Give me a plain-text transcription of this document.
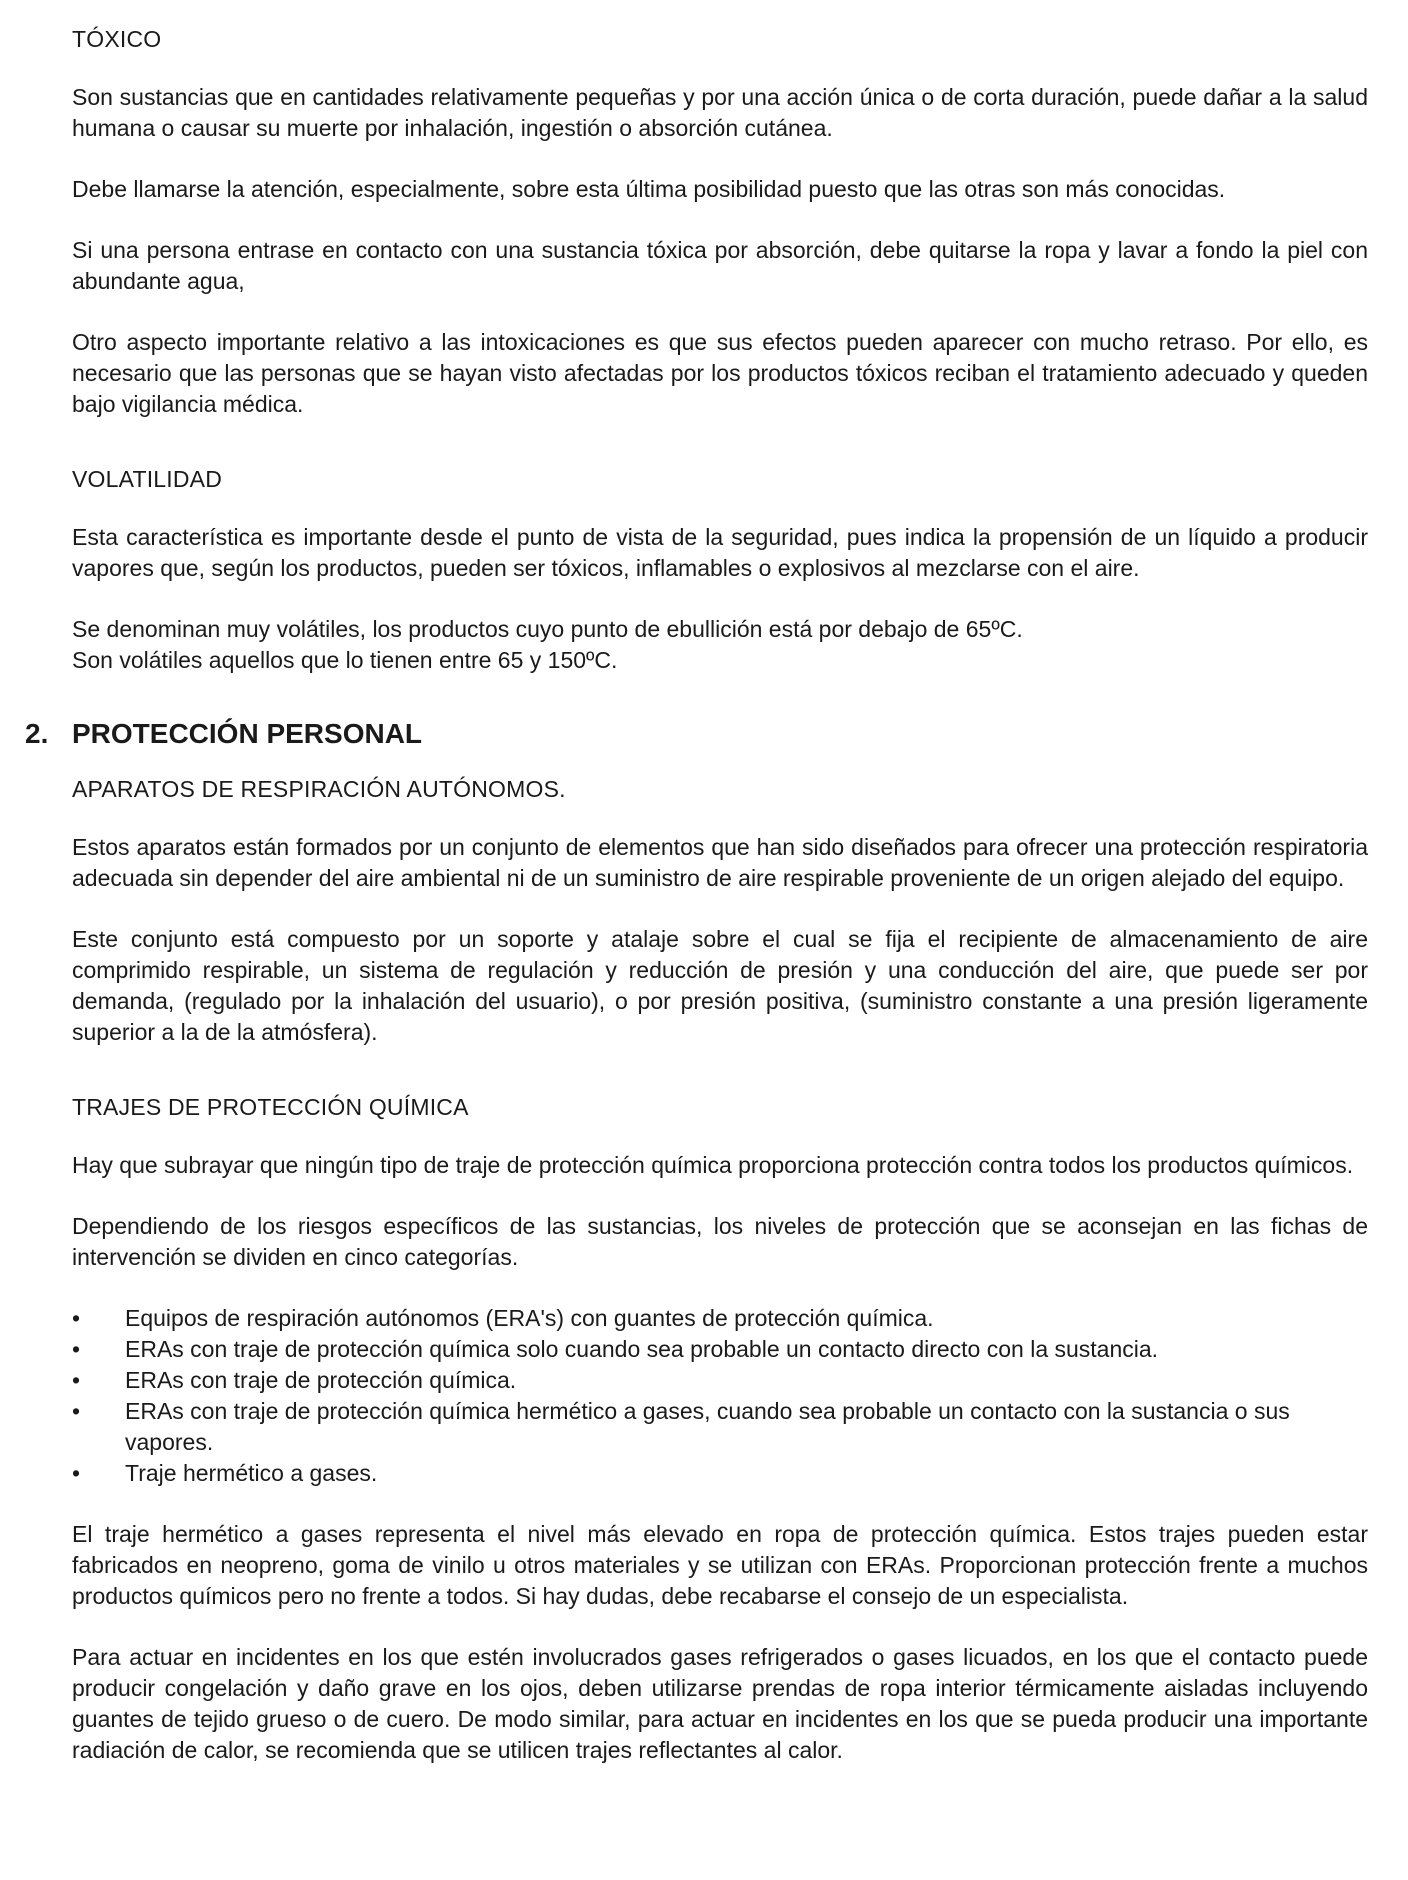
TÓXICO

Son sustancias que en cantidades relativamente pequeñas y por una acción única o de corta duración, puede dañar a la salud humana o causar su muerte por inhalación, ingestión o absorción cutánea.

Debe llamarse la atención, especialmente, sobre esta última posibilidad puesto que las otras son más conocidas.

Si una persona entrase en contacto con una sustancia tóxica por absorción, debe quitarse la ropa y lavar a fondo la piel con abundante agua,

Otro aspecto importante relativo a las intoxicaciones es que sus efectos pueden aparecer con mucho retraso. Por ello, es necesario que las personas que se hayan visto afectadas por los productos tóxicos reciban el tratamiento adecuado y queden bajo vigilancia médica.

VOLATILIDAD

Esta característica es importante desde el punto de vista de la seguridad, pues indica la propensión de un líquido a producir vapores que, según los productos, pueden ser tóxicos, inflamables o explosivos al mezclarse con el aire.

Se denominan muy volátiles, los productos cuyo punto de ebullición está por debajo de 65ºC.
Son volátiles aquellos que lo tienen entre 65 y 150ºC.

2. PROTECCIÓN PERSONAL
APARATOS DE RESPIRACIÓN AUTÓNOMOS.

Estos aparatos están formados por un conjunto de elementos que han sido diseñados para ofrecer una protección respiratoria adecuada sin depender del aire ambiental ni de un suministro de aire respirable proveniente de un origen alejado del equipo.

Este conjunto está compuesto por un soporte y atalaje sobre el cual se fija el recipiente de almacenamiento de aire comprimido respirable, un sistema de regulación y reducción de presión y una conducción del aire, que puede ser por demanda, (regulado por la inhalación del usuario), o por presión positiva, (suministro constante a una presión ligeramente superior a la de la atmósfera).

TRAJES DE PROTECCIÓN QUÍMICA

Hay que subrayar que ningún tipo de traje de protección química proporciona protección contra todos los productos químicos.

Dependiendo de los riesgos específicos de las sustancias, los niveles de protección que se aconsejan en las fichas de intervención se dividen en cinco categorías.

• Equipos de respiración autónomos (ERA's) con guantes de protección química.
• ERAs con traje de protección química solo cuando sea probable un contacto directo con la sustancia.
• ERAs con traje de protección química.
• ERAs con traje de protección química hermético a gases, cuando sea probable un contacto con la sustancia o sus vapores.
• Traje hermético a gases.

El traje hermético a gases representa el nivel más elevado en ropa de protección química. Estos trajes pueden estar fabricados en neopreno, goma de vinilo u otros materiales y se utilizan con ERAs. Proporcionan protección frente a muchos productos químicos pero no frente a todos. Si hay dudas, debe recabarse el consejo de un especialista.

Para actuar en incidentes en los que estén involucrados gases refrigerados o gases licuados, en los que el contacto puede producir congelación y daño grave en los ojos, deben utilizarse prendas de ropa interior térmicamente aisladas incluyendo guantes de tejido grueso o de cuero. De modo similar, para actuar en incidentes en los que se pueda producir una importante radiación de calor, se recomienda que se utilicen trajes reflectantes al calor.
